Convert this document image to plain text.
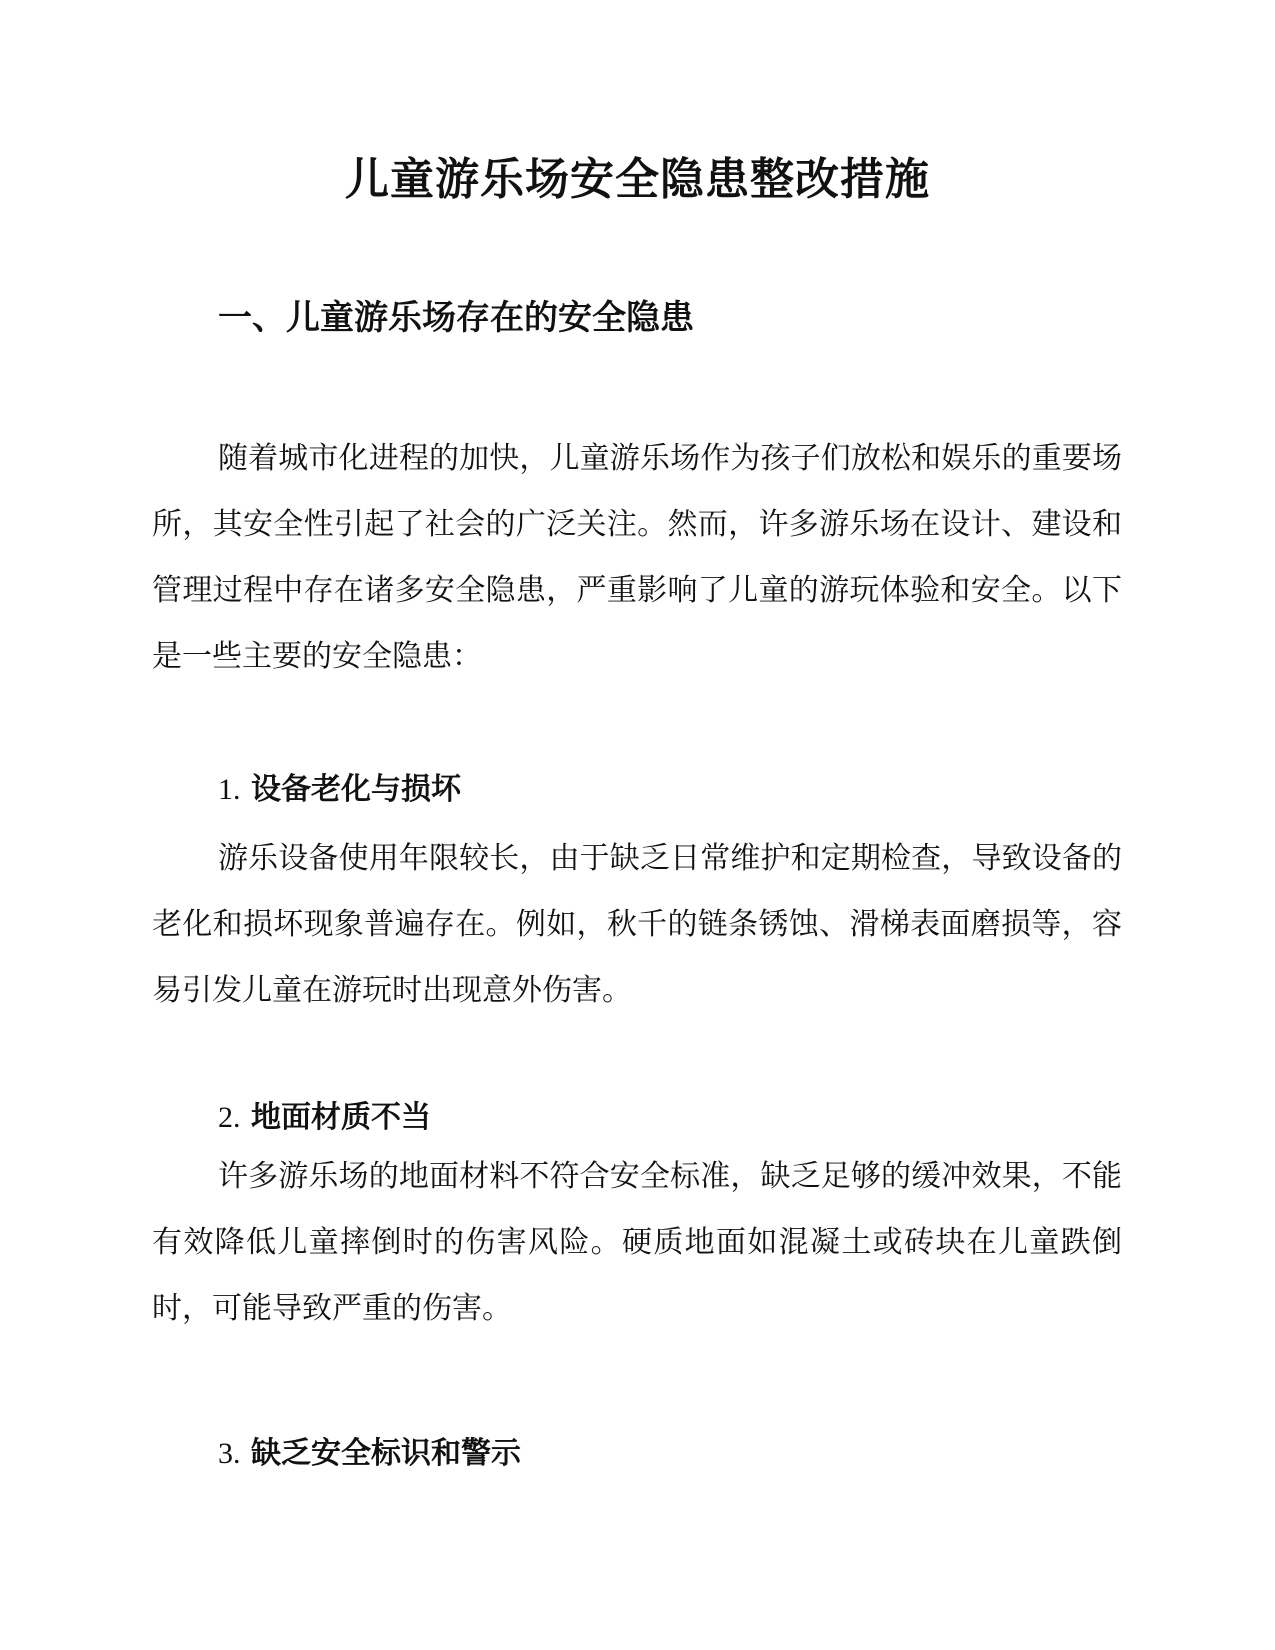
儿童游乐场安全隐患整改措施
一、儿童游乐场存在的安全隐患

随着城市化进程的加快，儿童游乐场作为孩子们放松和娱乐的重要场所，其安全性引起了社会的广泛关注。然而，许多游乐场在设计、建设和管理过程中存在诸多安全隐患，严重影响了儿童的游玩体验和安全。以下是一些主要的安全隐患：

1. 设备老化与损坏

游乐设备使用年限较长，由于缺乏日常维护和定期检查，导致设备的老化和损坏现象普遍存在。例如，秋千的链条锈蚀、滑梯表面磨损等，容易引发儿童在游玩时出现意外伤害。

2. 地面材质不当

许多游乐场的地面材料不符合安全标准，缺乏足够的缓冲效果，不能有效降低儿童摔倒时的伤害风险。硬质地面如混凝土或砖块在儿童跌倒时，可能导致严重的伤害。

3. 缺乏安全标识和警示
